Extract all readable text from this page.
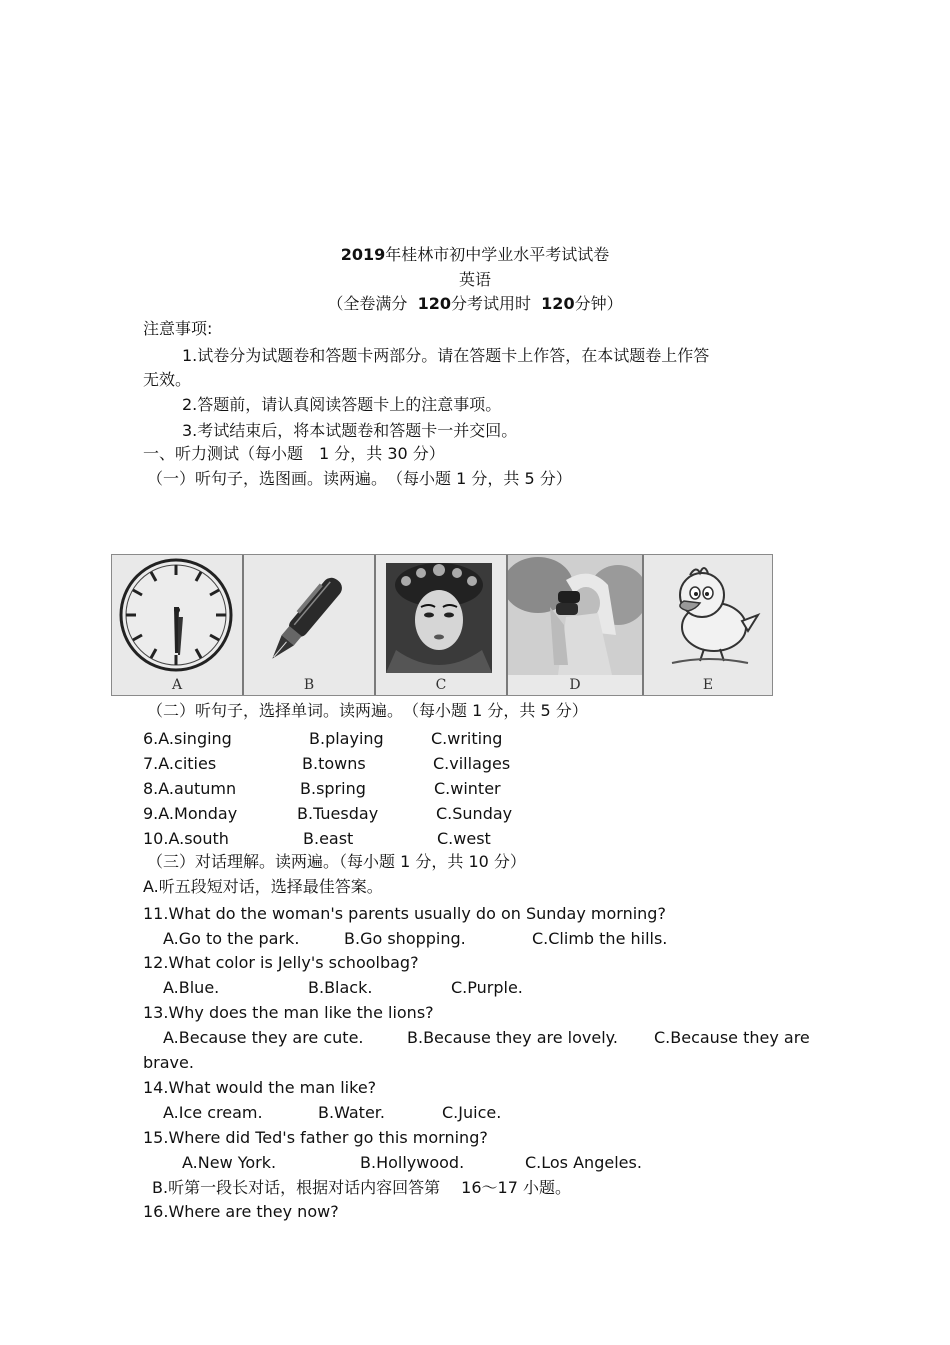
2019年桂林市初中学业水平考试试卷
英语
（全卷满分 120分考试用时 120分钟）
注意事项:
1.试卷分为试题卷和答题卡两部分。请在答题卡上作答，在本试题卷上作答
无效。
2.答题前，请认真阅读答题卡上的注意事项。
3.考试结束后，将本试题卷和答题卡一并交回。
一、听力测试（每小题　1 分，共 30 分）
（一）听句子，选图画。读两遍。　（每小题 1 分，共 5 分）
A	B	C	D	E
（二）听句子，选择单词。读两遍。　（每小题 1 分，共 5 分）
6.A.singing	B.playing	C.writing
7.A.cities	B.towns	C.villages
8.A.autumn	B.spring	C.winter
9.A.Monday	B.Tuesday	C.Sunday
10.A.south	B.east	C.west
（三）对话理解。读两遍。（每小题 1 分，共 10 分）
A.听五段短对话，选择最佳答案。
11.What do the woman's parents usually do on Sunday morning?
A.Go to the park.	B.Go shopping.	C.Climb the hills.
12.What color is Jelly's schoolbag?
A.Blue.	B.Black.	C.Purple.
13.Why does the man like the lions?
A.Because they are cute.	B.Because they are lovely. C.Because they are
brave.
14.What would the man like?
A.Ice cream.	B.Water.	C.Juice.
15.Where did Ted's father go this morning?
A.New York.	B.Hollywood.	C.Los Angeles.
B.听第一段长对话，根据对话内容回答第　 16～17 小题。
16.Where are they now?
